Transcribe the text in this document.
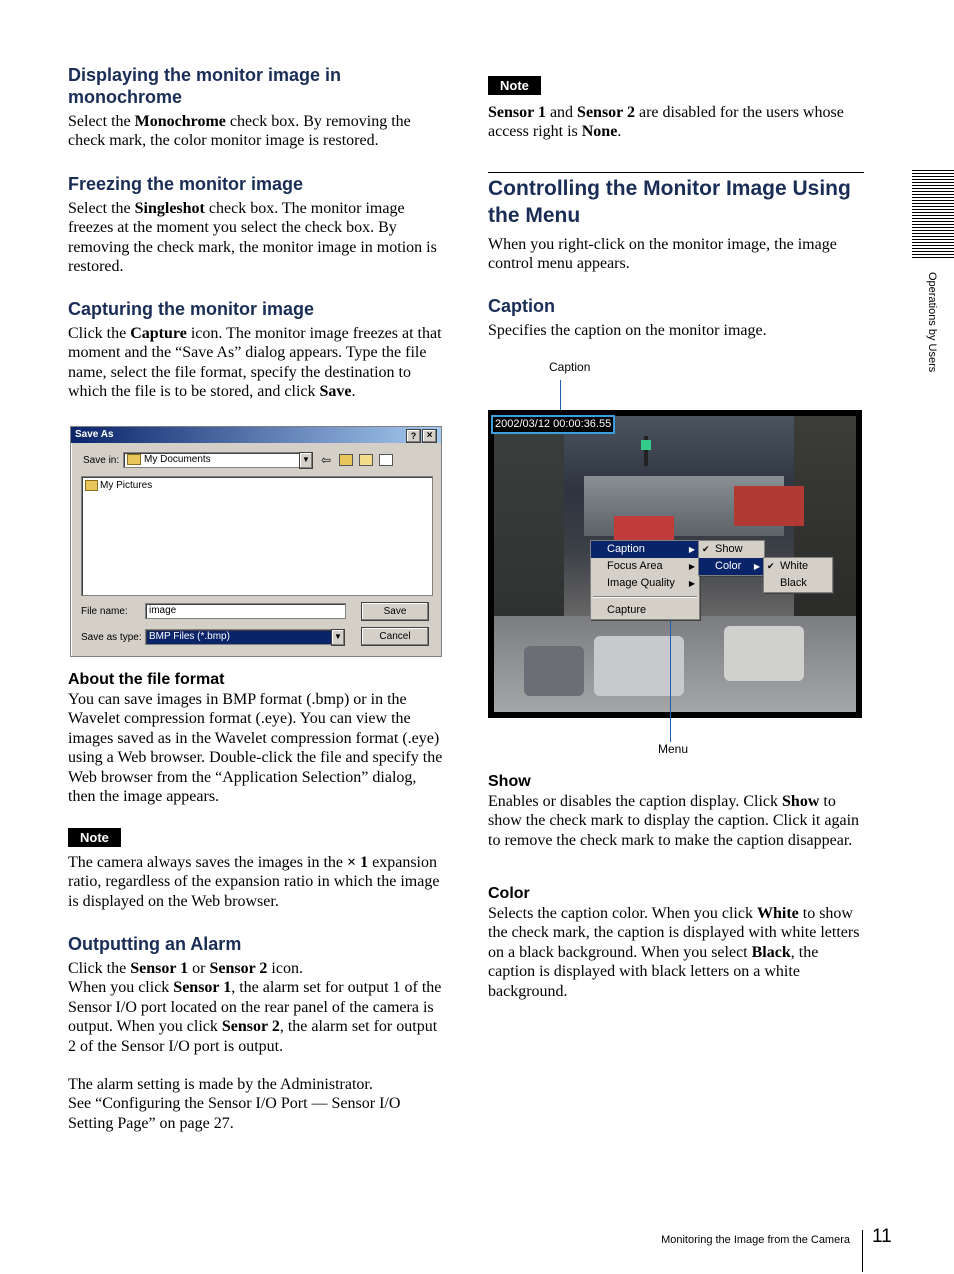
Displaying the monitor image in monochrome
Select the Monochrome check box. By removing the check mark, the color monitor image is restored.
Freezing the monitor image
Select the Singleshot check box. The monitor image freezes at the moment you select the check box. By removing the check mark, the monitor image in motion is restored.
Capturing the monitor image
Click the Capture icon. The monitor image freezes at that moment and the “Save As” dialog appears. Type the file name, select the file format, specify the destination to which the file is to be stored, and click Save.
Save As	?	×
Save in:	My Documents	▼ ⇦
My Pictures
File name:	image
Save as type: BMP Files (*.bmp)	▼
Save
Cancel
About the file format
You can save images in BMP format (.bmp) or in the Wavelet compression format (.eye). You can view the images saved as in the Wavelet compression format (.eye) using a Web browser. Double-click the file and specify the Web browser from the “Application Selection” dialog, then the image appears.
Note
The camera always saves the images in the × 1 expansion ratio, regardless of the expansion ratio in which the image is displayed on the Web browser.
Outputting an Alarm
Click the Sensor 1 or Sensor 2 icon.
When you click Sensor 1, the alarm set for output 1 of the Sensor I/O port located on the rear panel of the camera is output. When you click Sensor 2, the alarm set for output 2 of the Sensor I/O port is output.
The alarm setting is made by the Administrator.
See “Configuring the Sensor I/O Port — Sensor I/O Setting Page” on page 27.
Note
Sensor 1 and Sensor 2 are disabled for the users whose access right is None.
Controlling the Monitor Image Using the Menu
When you right-click on the monitor image, the image control menu appears.
Caption
Specifies the caption on the monitor image.
Caption
2002/03/12 00:00:36.55
Caption	▶
Focus Area	▶
Image Quality ▶
Capture
✔ Show
Color ▶ ✔ White
Black
Menu
Show
Enables or disables the caption display. Click Show to show the check mark to display the caption. Click it again to remove the check mark to make the caption disappear.
Color
Selects the caption color. When you click White to show the check mark, the caption is displayed with white letters on a black background. When you select Black, the caption is displayed with black letters on a white background.
Operations by Users
Monitoring the Image from the Camera 11
